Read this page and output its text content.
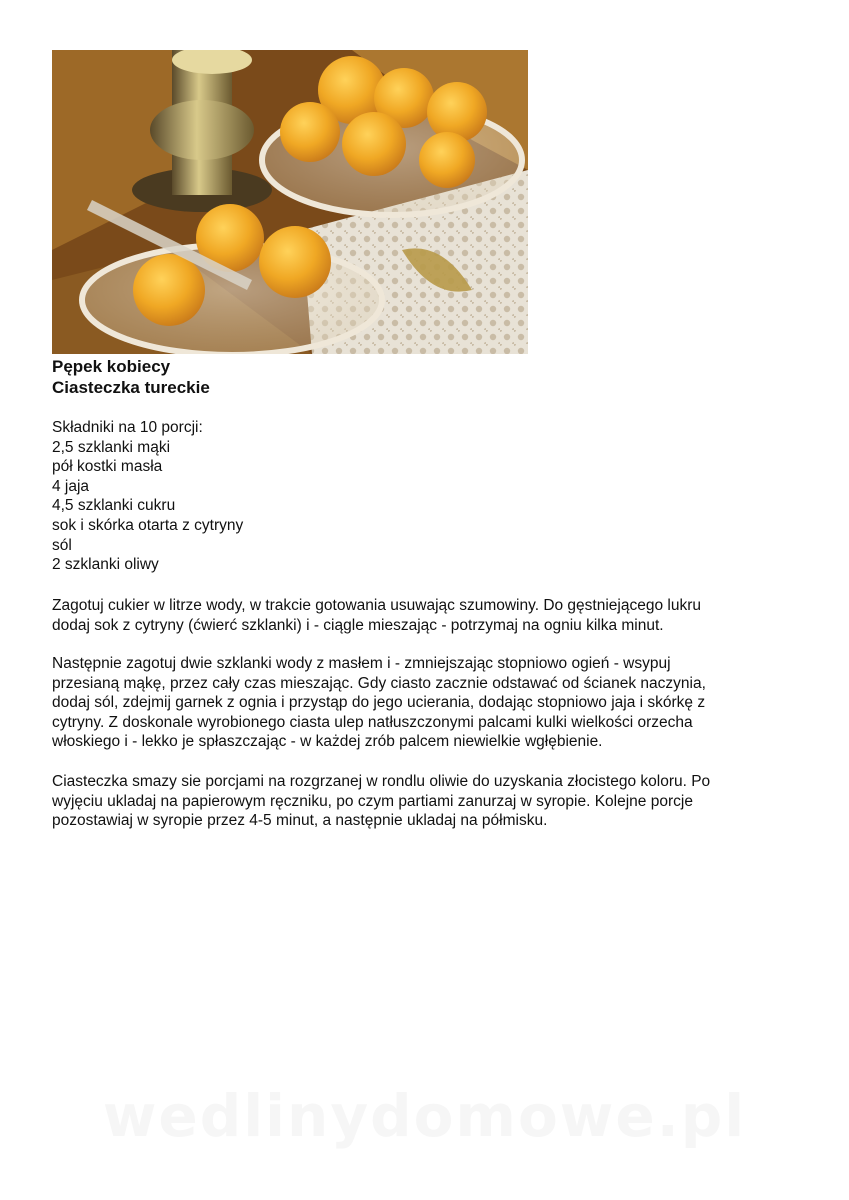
Pępek kobiecy

Ciasteczka tureckie

Składniki na 10 porcji:
2,5 szklanki mąki
pół kostki masła
4 jaja
4,5 szklanki cukru
sok i skórka otarta z cytryny
sól
2 szklanki oliwy

Zagotuj cukier w litrze wody, w trakcie gotowania usuwając szumowiny. Do gęstniejącego lukru
dodaj sok z cytryny (ćwierć szklanki) i - ciągle mieszając - potrzymaj na ogniu kilka minut.

Następnie zagotuj dwie szklanki wody z masłem i - zmniejszając stopniowo ogień - wsypuj
przesianą mąkę, przez cały czas mieszając. Gdy ciasto zacznie odstawać od ścianek naczynia,
dodaj sól, zdejmij garnek z ognia i przystąp do jego ucierania, dodając stopniowo jaja i skórkę z
cytryny. Z doskonale wyrobionego ciasta ulep natłuszczonymi palcami kulki wielkości orzecha
włoskiego i - lekko je spłaszczając - w każdej zrób palcem niewielkie wgłębienie.

Ciasteczka smazy sie porcjami na rozgrzanej w rondlu oliwie do uzyskania złocistego koloru. Po
wyjęciu ukladaj na papierowym ręczniku, po czym partiami zanurzaj w syropie. Kolejne porcje
pozostawiaj w syropie przez 4-5 minut, a następnie ukladaj na półmisku.

wedlinydomowe.pl
